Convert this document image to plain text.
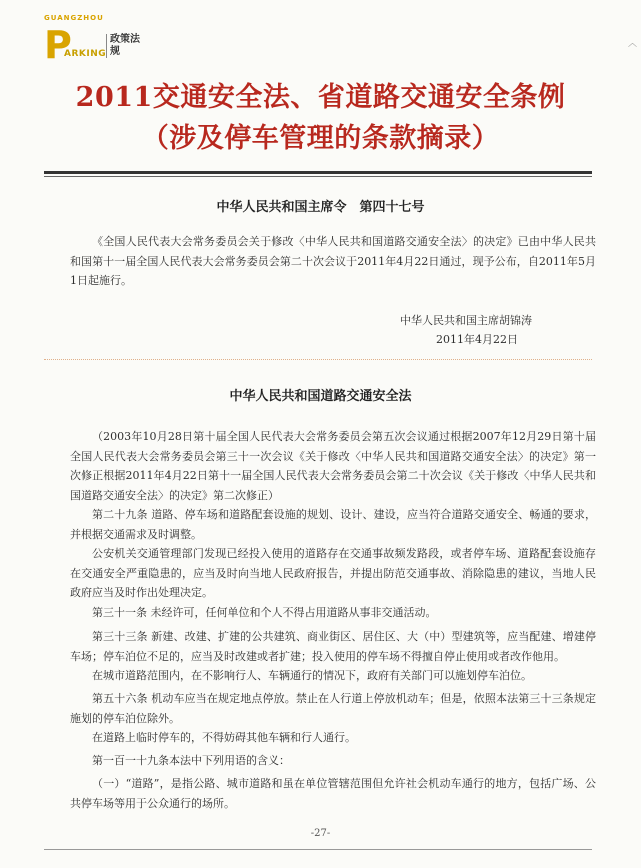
︿
GUANGZHOU
P
ARKING
政策法规
2011交通安全法、省道路交通安全条例
（涉及停车管理的条款摘录）
中华人民共和国主席令　第四十七号

《全国人民代表大会常务委员会关于修改〈中华人民共和国道路交通安全法〉的决定》已由中华人民共和国第十一届全国人民代表大会常务委员会第二十次会议于2011年4月22日通过，现予公布，自2011年5月1日起施行。

中华人民共和国主席胡锦涛
2011年4月22日
中华人民共和国道路交通安全法

（2003年10月28日第十届全国人民代表大会常务委员会第五次会议通过根据2007年12月29日第十届全国人民代表大会常务委员会第三十一次会议《关于修改〈中华人民共和国道路交通安全法〉的决定》第一次修正根据2011年4月22日第十一届全国人民代表大会常务委员会第二十次会议《关于修改〈中华人民共和国道路交通安全法〉的决定》第二次修正）

第二十九条 道路、停车场和道路配套设施的规划、设计、建设，应当符合道路交通安全、畅通的要求，并根据交通需求及时调整。

公安机关交通管理部门发现已经投入使用的道路存在交通事故频发路段，或者停车场、道路配套设施存在交通安全严重隐患的，应当及时向当地人民政府报告，并提出防范交通事故、消除隐患的建议，当地人民政府应当及时作出处理决定。

第三十一条 未经许可，任何单位和个人不得占用道路从事非交通活动。

第三十三条 新建、改建、扩建的公共建筑、商业街区、居住区、大（中）型建筑等，应当配建、增建停车场；停车泊位不足的，应当及时改建或者扩建；投入使用的停车场不得擅自停止使用或者改作他用。

在城市道路范围内，在不影响行人、车辆通行的情况下，政府有关部门可以施划停车泊位。

第五十六条 机动车应当在规定地点停放。禁止在人行道上停放机动车；但是，依照本法第三十三条规定施划的停车泊位除外。

在道路上临时停车的，不得妨碍其他车辆和行人通行。

第一百一十九条本法中下列用语的含义：

（一）“道路”，是指公路、城市道路和虽在单位管辖范围但允许社会机动车通行的地方，包括广场、公共停车场等用于公众通行的场所。

-27-
